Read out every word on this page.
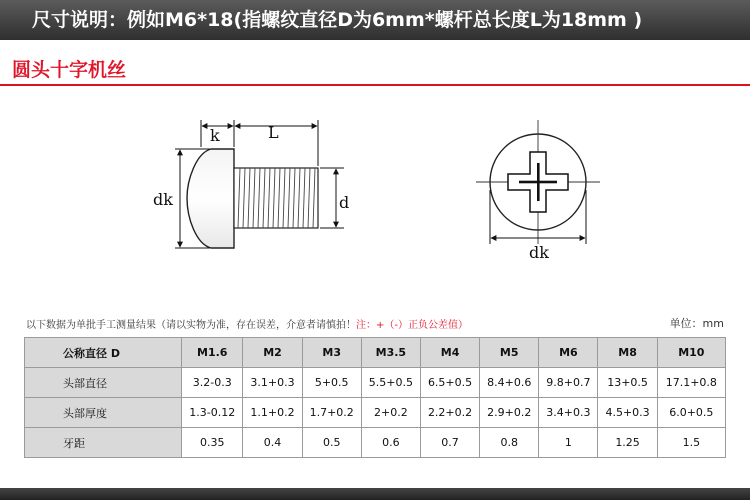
尺寸说明：例如M6*18(指螺纹直径D为6mm*螺杆总长度L为18mm )
圆头十字机丝
k	L
dk	d
dk
以下数据为单批手工测量结果（请以实物为准，存在误差，介意者请慎拍！注：+（-）正负公差值）	单位：mm
公称直径 D	M1.6	M2	M3	M3.5	M4	M5	M6	M8	M10
头部直径	3.2-0.3	3.1+0.3	5+0.5	5.5+0.5	6.5+0.5	8.4+0.6	9.8+0.7	13+0.5	17.1+0.8
头部厚度	1.3-0.12	1.1+0.2	1.7+0.2	2+0.2	2.2+0.2	2.9+0.2	3.4+0.3	4.5+0.3	6.0+0.5
牙距	0.35	0.4	0.5	0.6	0.7	0.8	1	1.25	1.5
